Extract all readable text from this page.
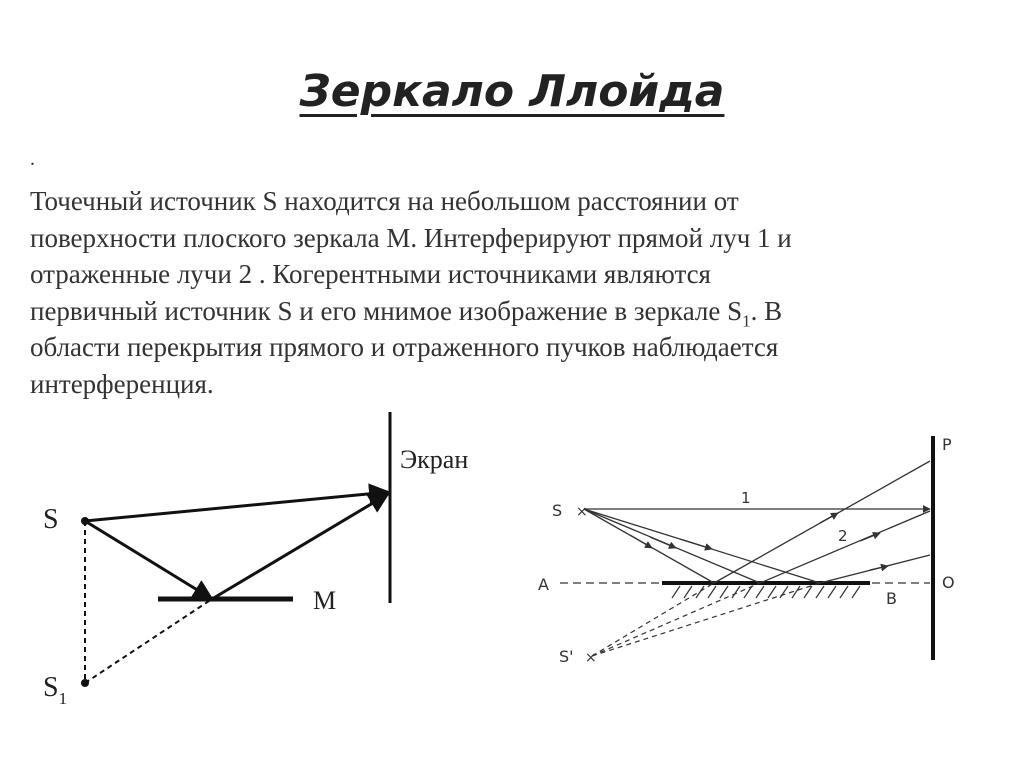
Зеркало Ллойда
.

Точечный источник S находится на небольшом расстоянии от
поверхности плоского зеркала М. Интерферируют прямой луч 1 и
отраженные лучи 2 . Когерентными источниками являются
первичный источник S и его мнимое изображение в зеркале $S_1$. В
области перекрытия прямого и отраженного пучков наблюдается
интерференция.

Экран
M
S
$S_1$
P
O
A
B
S ×
S' ×
1
2
